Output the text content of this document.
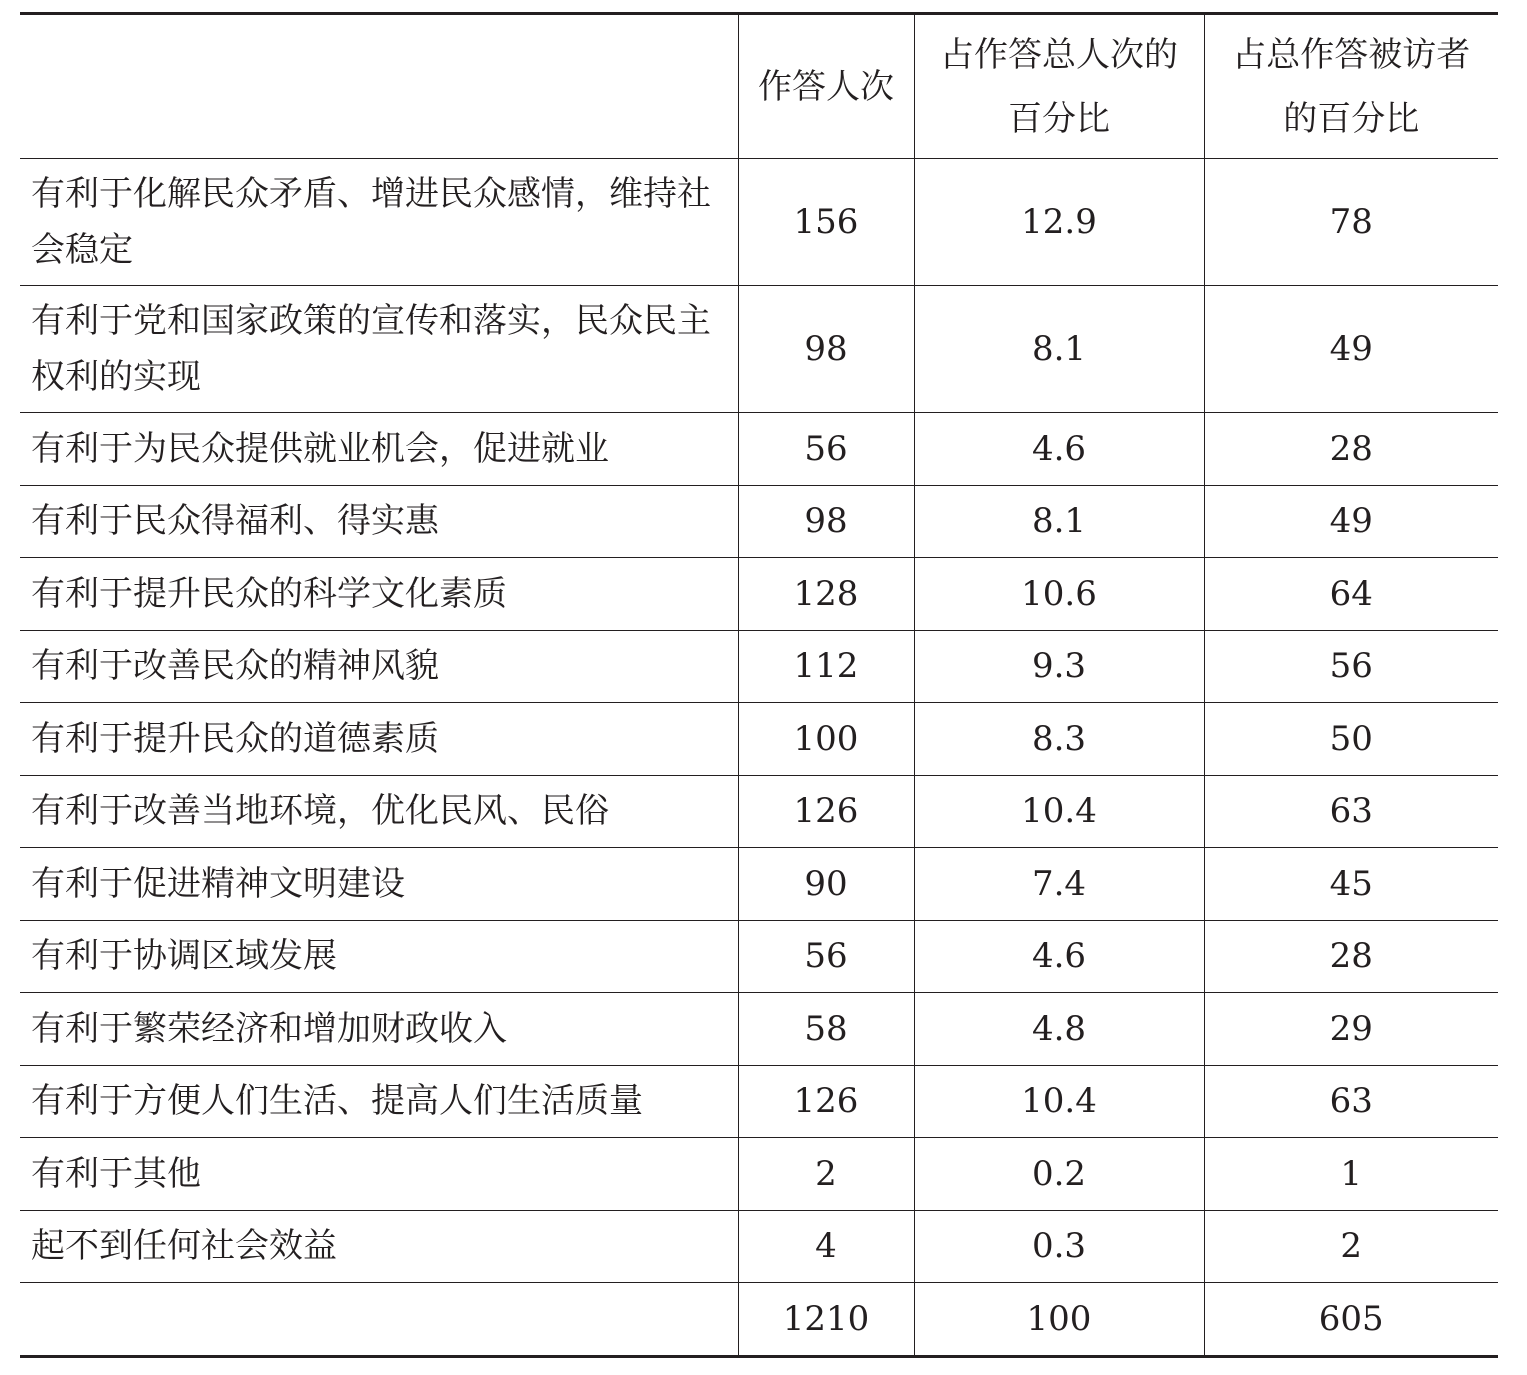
	作答人次	占作答总人次的百分比	占总作答被访者的百分比
有利于化解民众矛盾、增进民众感情，维持社会稳定	156	12.9	78
有利于党和国家政策的宣传和落实，民众民主权利的实现	98	8.1	49
有利于为民众提供就业机会，促进就业	56	4.6	28
有利于民众得福利、得实惠	98	8.1	49
有利于提升民众的科学文化素质	128	10.6	64
有利于改善民众的精神风貌	112	9.3	56
有利于提升民众的道德素质	100	8.3	50
有利于改善当地环境，优化民风、民俗	126	10.4	63
有利于促进精神文明建设	90	7.4	45
有利于协调区域发展	56	4.6	28
有利于繁荣经济和增加财政收入	58	4.8	29
有利于方便人们生活、提高人们生活质量	126	10.4	63
有利于其他	2	0.2	1
起不到任何社会效益	4	0.3	2
	1210	100	605
